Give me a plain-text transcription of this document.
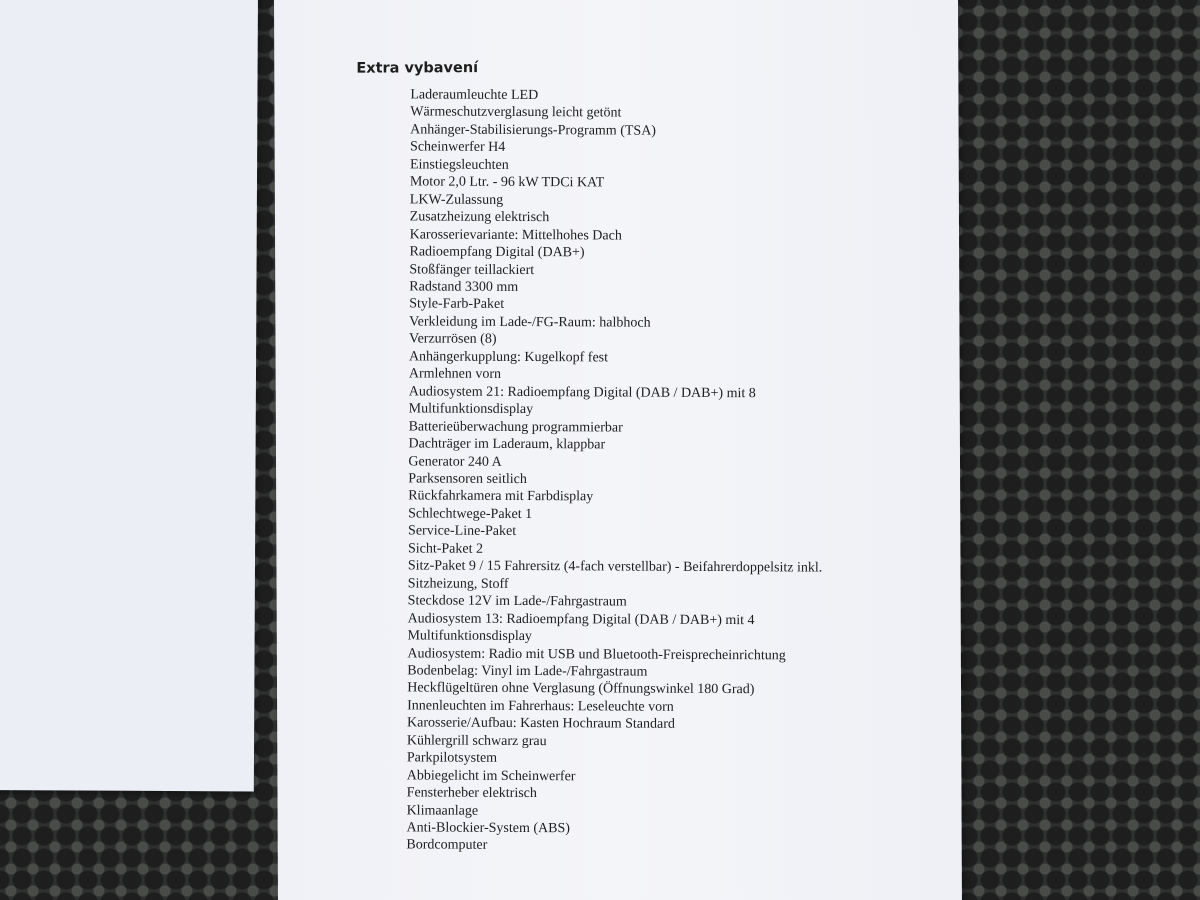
Extra vybavení
Laderaumleuchte LED
Wärmeschutzverglasung leicht getönt
Anhänger-Stabilisierungs-Programm (TSA)
Scheinwerfer H4
Einstiegsleuchten
Motor 2,0 Ltr. - 96 kW TDCi KAT
LKW-Zulassung
Zusatzheizung elektrisch
Karosserievariante: Mittelhohes Dach
Radioempfang Digital (DAB+)
Stoßfänger teillackiert
Radstand 3300 mm
Style-Farb-Paket
Verkleidung im Lade-/FG-Raum: halbhoch
Verzurrösen (8)
Anhängerkupplung: Kugelkopf fest
Armlehnen vorn
Audiosystem 21: Radioempfang Digital (DAB / DAB+) mit 8
Multifunktionsdisplay
Batterieüberwachung programmierbar
Dachträger im Laderaum, klappbar
Generator 240 A
Parksensoren seitlich
Rückfahrkamera mit Farbdisplay
Schlechtwege-Paket 1
Service-Line-Paket
Sicht-Paket 2
Sitz-Paket 9 / 15 Fahrersitz (4-fach verstellbar) - Beifahrerdoppelsitz inkl.
Sitzheizung, Stoff
Steckdose 12V im Lade-/Fahrgastraum
Audiosystem 13: Radioempfang Digital (DAB / DAB+) mit 4
Multifunktionsdisplay
Audiosystem: Radio mit USB und Bluetooth-Freisprecheinrichtung
Bodenbelag: Vinyl im Lade-/Fahrgastraum
Heckflügeltüren ohne Verglasung (Öffnungswinkel 180 Grad)
Innenleuchten im Fahrerhaus: Leseleuchte vorn
Karosserie/Aufbau: Kasten Hochraum Standard
Kühlergrill schwarz grau
Parkpilotsystem
Abbiegelicht im Scheinwerfer
Fensterheber elektrisch
Klimaanlage
Anti-Blockier-System (ABS)
Bordcomputer
